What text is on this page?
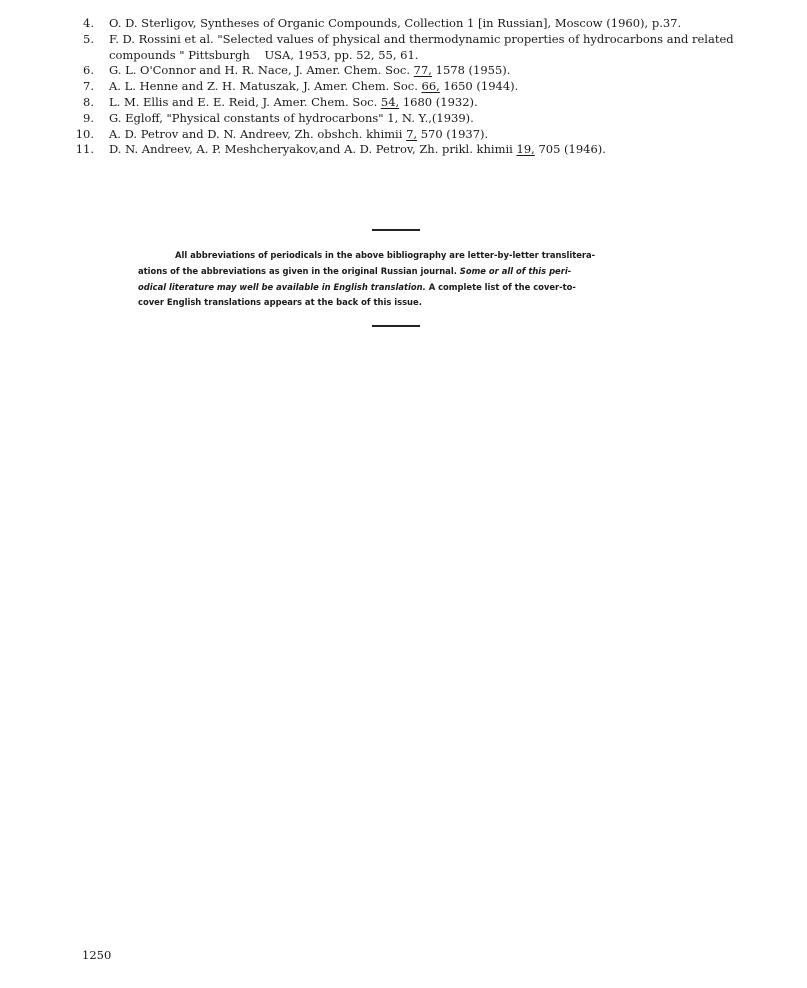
4.	O. D. Sterligov, Syntheses of Organic Compounds, Collection 1 [in Russian], Moscow (1960), p.37.
5.	F. D. Rossini et al. "Selected values of physical and thermodynamic properties of hydrocarbons and related
compounds " Pittsburgh    USA, 1953, pp. 52, 55, 61.
6.	G. L. O'Connor and H. R. Nace, J. Amer. Chem. Soc. 77, 1578 (1955).
7.	A. L. Henne and Z. H. Matuszak, J. Amer. Chem. Soc. 66, 1650 (1944).
8.	L. M. Ellis and E. E. Reid, J. Amer. Chem. Soc. 54, 1680 (1932).
9.	G. Egloff, "Physical constants of hydrocarbons" 1, N. Y.,(1939).
10.	A. D. Petrov and D. N. Andreev, Zh. obshch. khimii 7, 570 (1937).
11.	D. N. Andreev, A. P. Meshcheryakov,and A. D. Petrov, Zh. prikl. khimii 19, 705 (1946).
All abbreviations of periodicals in the above bibliography are letter-by-letter translitera-
ations of the abbreviations as given in the original Russian journal. Some or all of this peri-
odical literature may well be available in English translation. A complete list of the cover-to-
cover English translations appears at the back of this issue.
1250
